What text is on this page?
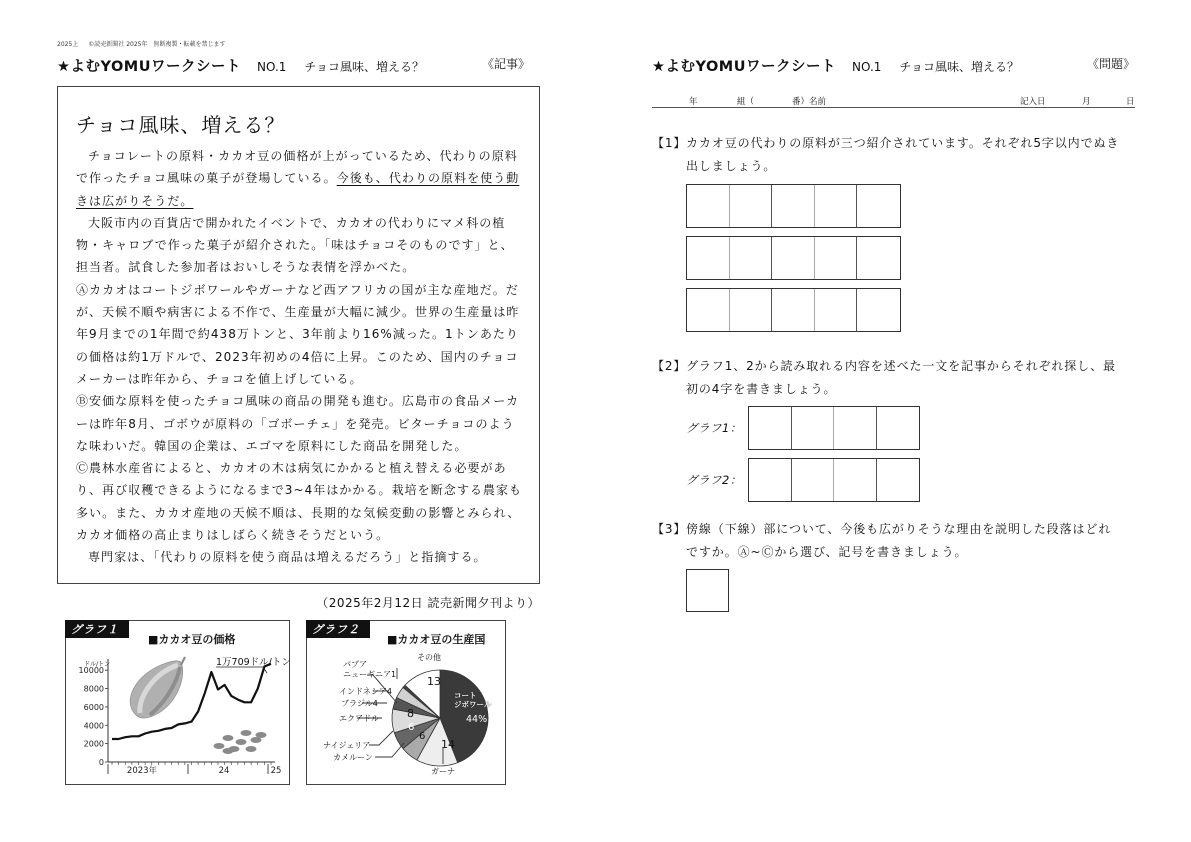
2025上 ©読売新聞社 2025年　無断複製・転載を禁じます
★よむYOMUワークシート NO.1 チョコ風味、増える？	《記事》
チョコ風味、増える？

チョコレートの原料・カカオ豆の価格が上がっているため、代わりの原料で作ったチョコ風味の菓子が登場している。今後も、代わりの原料を使う動きは広がりそうだ。

大阪市内の百貨店で開かれたイベントで、カカオの代わりにマメ科の植物・キャロブで作った菓子が紹介された。「味はチョコそのものです」と、担当者。試食した参加者はおいしそうな表情を浮かべた。

Ⓐカカオはコートジボワールやガーナなど西アフリカの国が主な産地だ。だが、天候不順や病害による不作で、生産量が大幅に減少。世界の生産量は昨年9月までの1年間で約438万トンと、3年前より16%減った。1トンあたりの価格は約1万ドルで、2023年初めの4倍に上昇。このため、国内のチョコメーカーは昨年から、チョコを値上げしている。

Ⓑ安価な原料を使ったチョコ風味の商品の開発も進む。広島市の食品メーカーは昨年8月、ゴボウが原料の「ゴボーチェ」を発売。ビターチョコのような味わいだ。韓国の企業は、エゴマを原料にした商品を開発した。

Ⓒ農林水産省によると、カカオの木は病気にかかると植え替える必要があり、再び収穫できるようになるまで3~4年はかかる。栽培を断念する農家も多い。また、カカオ産地の天候不順は、長期的な気候変動の影響とみられ、カカオ価格の高止まりはしばらく続きそうだという。

専門家は、「代わりの原料を使う商品は増えるだろう」と指摘する。

（2025年2月12日 読売新聞夕刊より）
0
2000
4000
6000
8000
10000
2023年	24	25
グラフ１
■カカオ豆の価格
ドル/トン	1万709ドル/トン
グラフ２
■カカオ豆の生産国
コート
ジボワール
44%
14
6
6
8
13
その他
パプア
ニューギニア1
インドネシア4
ブラジル4
エクアドル
ナイジェリア
カメルーン
ガーナ
★よむYOMUワークシート NO.1 チョコ風味、増える？	《問題》
年	組（	番）名前	記入日	月	日
【1】カカオ豆の代わりの原料が三つ紹介されています。それぞれ5字以内でぬき
出しましょう。
【2】グラフ1、2から読み取れる内容を述べた一文を記事からそれぞれ探し、最
初の4字を書きましょう。
グラフ1：
グラフ2：
【3】傍線（下線）部について、今後も広がりそうな理由を説明した段落はどれ
ですか。Ⓐ~Ⓒから選び、記号を書きましょう。
